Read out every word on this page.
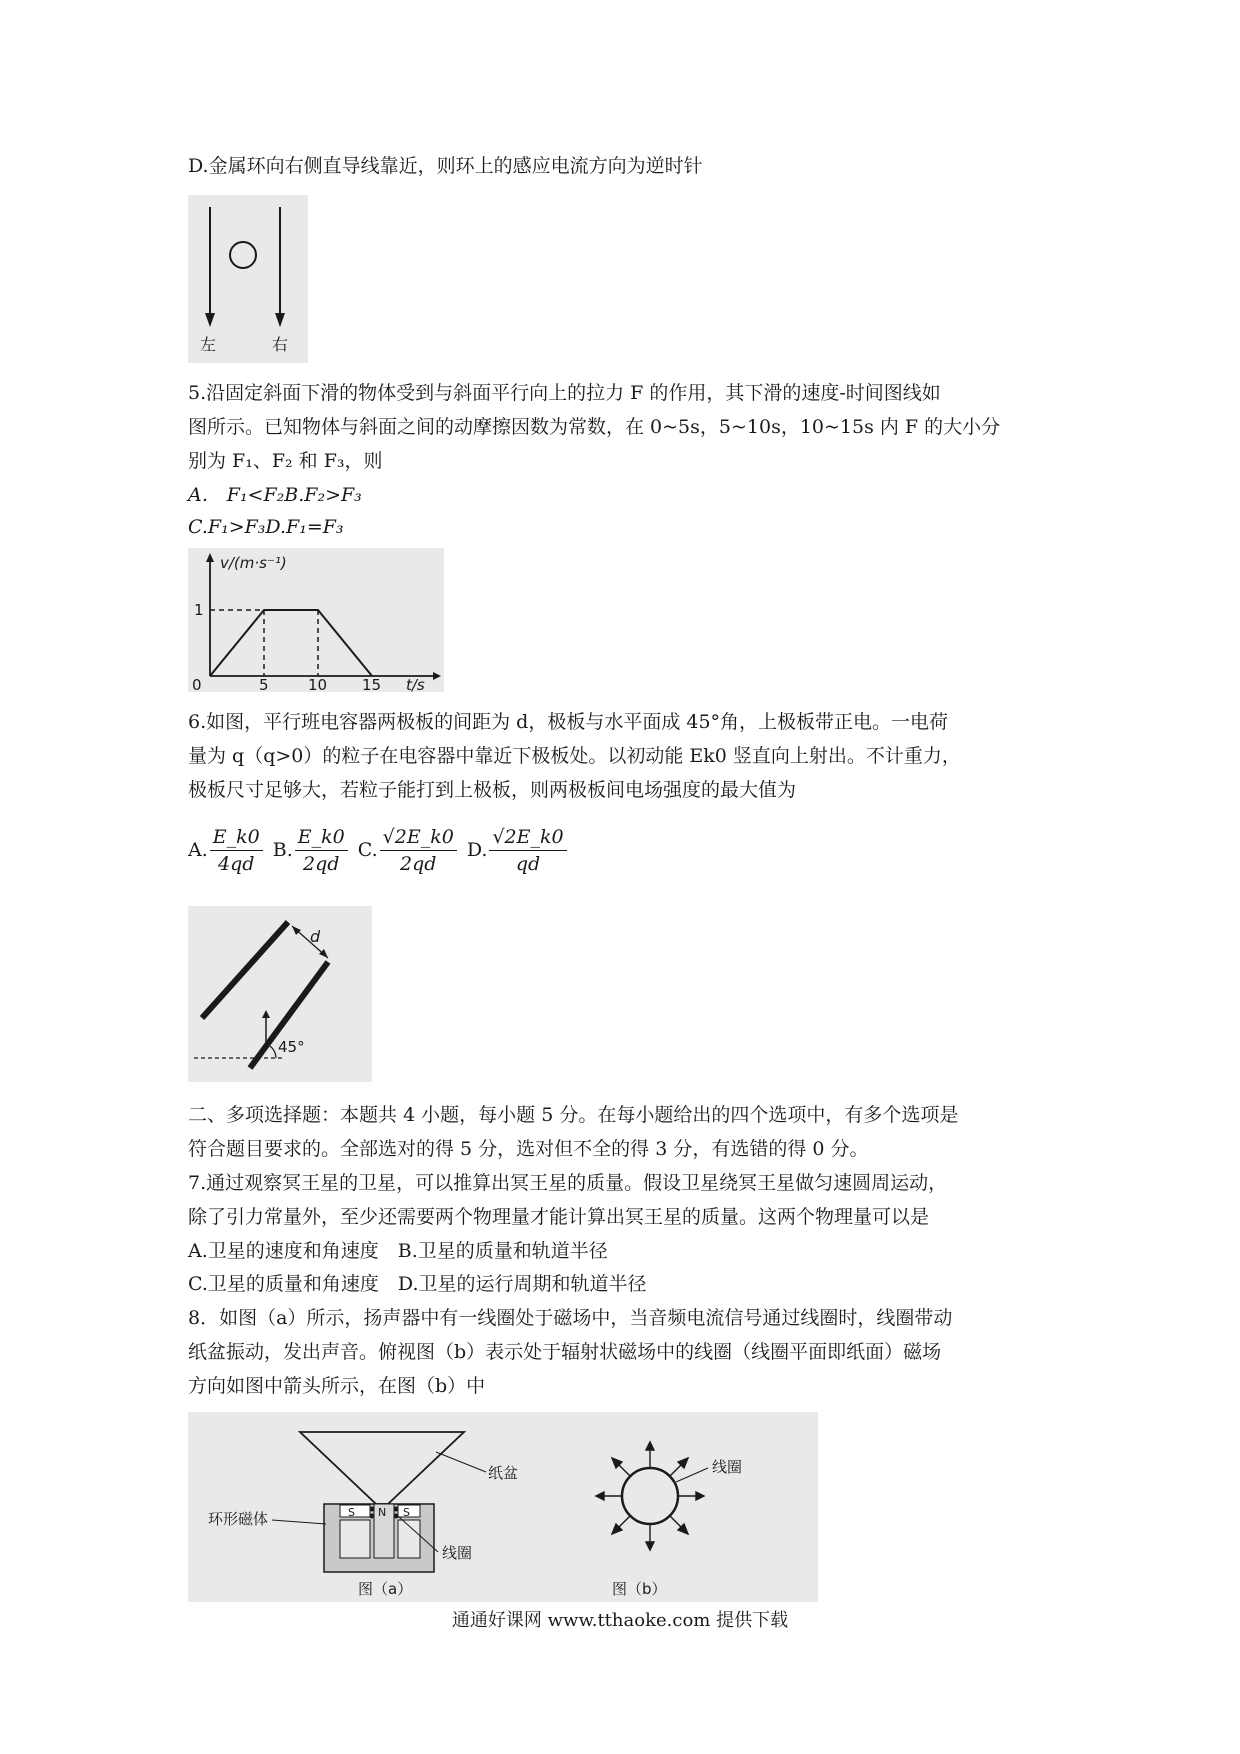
D.金属环向右侧直导线靠近，则环上的感应电流方向为逆时针
左	右
5.沿固定斜面下滑的物体受到与斜面平行向上的拉力 F 的作用，其下滑的速度-时间图线如
图所示。已知物体与斜面之间的动摩擦因数为常数，在 0~5s，5~10s，10~15s 内 F 的大小分
别为 F₁、F₂ 和 F₃，则
A． F₁<F₂B.F₂>F₃
C.F₁>F₃D.F₁=F₃
v/(m·s⁻¹)
t/s
1
0	5	10 15
6.如图，平行班电容器两极板的间距为 d，极板与水平面成 45°角，上极板带正电。一电荷
量为 q（q>0）的粒子在电容器中靠近下极板处。以初动能 Ek0 竖直向上射出。不计重力，
极板尺寸足够大，若粒子能打到上极板，则两极板间电场强度的最大值为
A. $\frac{E\_k0}{4qd} B$. $\frac{E\_k0}{2qd} C$. $\frac{√2E\_k0}{2qd} D$. $\frac{√2E\_k0}{qd}$
d
45°
二、多项选择题：本题共 4 小题，每小题 5 分。在每小题给出的四个选项中，有多个选项是
符合题目要求的。全部选对的得 5 分，选对但不全的得 3 分，有选错的得 0 分。
7.通过观察冥王星的卫星，可以推算出冥王星的质量。假设卫星绕冥王星做匀速圆周运动，
除了引力常量外，至少还需要两个物理量才能计算出冥王星的质量。这两个物理量可以是
A.卫星的速度和角速度　B.卫星的质量和轨道半径
C.卫星的质量和角速度　D.卫星的运行周期和轨道半径
8．如图（a）所示，扬声器中有一线圈处于磁场中，当音频电流信号通过线圈时，线圈带动
纸盆振动，发出声音。俯视图（b）表示处于辐射状磁场中的线圈（线圈平面即纸面）磁场
方向如图中箭头所示，在图（b）中
纸盆
S N S
环形磁体
线圈
图（a）
线圈
图（b）
通通好课网 www.tthaoke.com 提供下载
